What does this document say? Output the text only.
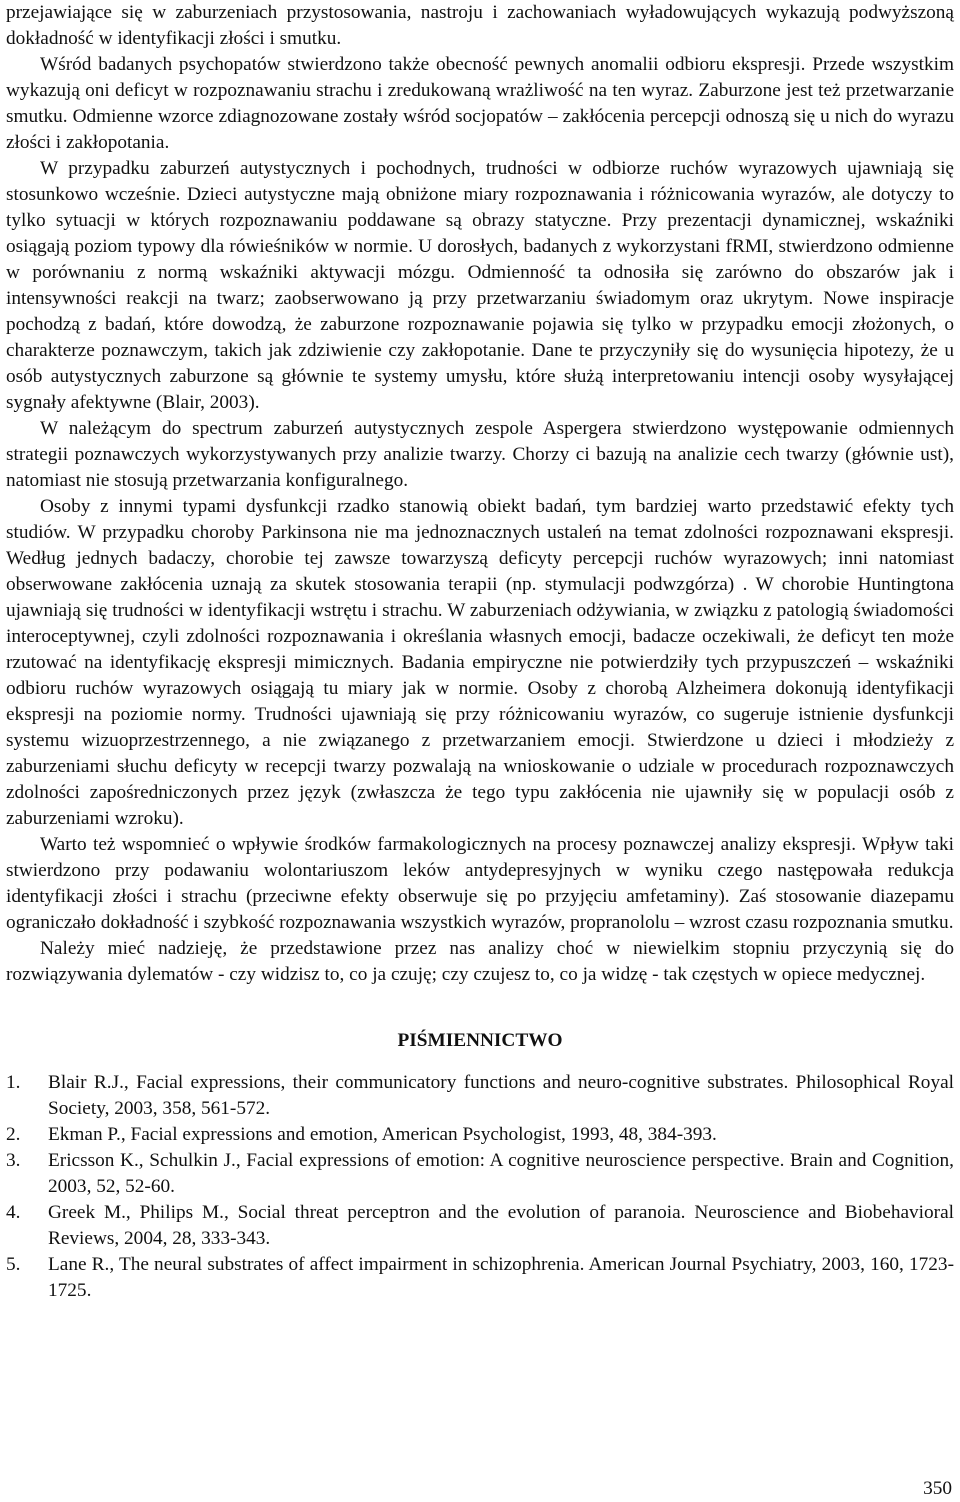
przejawiające się w zaburzeniach przystosowania, nastroju i zachowaniach wyładowujących wykazują podwyższoną dokładność w identyfikacji złości i smutku.

Wśród badanych psychopatów stwierdzono także obecność pewnych anomalii odbioru ekspresji. Przede wszystkim wykazują oni deficyt w rozpoznawaniu strachu i zredukowaną wrażliwość na ten wyraz. Zaburzone jest też przetwarzanie smutku. Odmienne wzorce zdiagnozowane zostały wśród socjopatów – zakłócenia percepcji odnoszą się u nich do wyrazu złości i zakłopotania.

W przypadku zaburzeń autystycznych i pochodnych, trudności w odbiorze ruchów wyrazowych ujawniają się stosunkowo wcześnie. Dzieci autystyczne mają obniżone miary rozpoznawania i różnicowania wyrazów, ale dotyczy to tylko sytuacji w których rozpoznawaniu poddawane są obrazy statyczne. Przy prezentacji dynamicznej, wskaźniki osiągają poziom typowy dla rówieśników w normie. U dorosłych, badanych z wykorzystani fRMI, stwierdzono odmienne w porównaniu z normą wskaźniki aktywacji mózgu. Odmienność ta odnosiła się zarówno do obszarów jak i intensywności reakcji na twarz; zaobserwowano ją przy przetwarzaniu świadomym oraz ukrytym. Nowe inspiracje pochodzą z badań, które dowodzą, że zaburzone rozpoznawanie pojawia się tylko w przypadku emocji złożonych, o charakterze poznawczym, takich jak zdziwienie czy zakłopotanie. Dane te przyczyniły się do wysunięcia hipotezy, że u osób autystycznych zaburzone są głównie te systemy umysłu, które służą interpretowaniu intencji osoby wysyłającej sygnały afektywne (Blair, 2003).

W należącym do spectrum zaburzeń autystycznych zespole Aspergera stwierdzono występowanie odmiennych strategii poznawczych wykorzystywanych przy analizie twarzy. Chorzy ci bazują na analizie cech twarzy (głównie ust), natomiast nie stosują przetwarzania konfiguralnego.

Osoby z innymi typami dysfunkcji rzadko stanowią obiekt badań, tym bardziej warto przedstawić efekty tych studiów. W przypadku choroby Parkinsona nie ma jednoznacznych ustaleń na temat zdolności rozpoznawani ekspresji. Według jednych badaczy, chorobie tej zawsze towarzyszą deficyty percepcji ruchów wyrazowych; inni natomiast obserwowane zakłócenia uznają za skutek stosowania terapii (np. stymulacji podwzgórza) . W chorobie Huntingtona ujawniają się trudności w identyfikacji wstrętu i strachu. W zaburzeniach odżywiania, w związku z patologią świadomości interoceptywnej, czyli zdolności rozpoznawania i określania własnych emocji, badacze oczekiwali, że deficyt ten może rzutować na identyfikację ekspresji mimicznych. Badania empiryczne nie potwierdziły tych przypuszczeń – wskaźniki odbioru ruchów wyrazowych osiągają tu miary jak w normie. Osoby z chorobą Alzheimera dokonują identyfikacji ekspresji na poziomie normy. Trudności ujawniają się przy różnicowaniu wyrazów, co sugeruje istnienie dysfunkcji systemu wizuoprzestrzennego, a nie związanego z przetwarzaniem emocji. Stwierdzone u dzieci i młodzieży z zaburzeniami słuchu deficyty w recepcji twarzy pozwalają na wnioskowanie o udziale w procedurach rozpoznawczych zdolności zapośredniczonych przez język (zwłaszcza że tego typu zakłócenia nie ujawniły się w populacji osób z zaburzeniami wzroku).

Warto też wspomnieć o wpływie środków farmakologicznych na procesy poznawczej analizy ekspresji. Wpływ taki stwierdzono przy podawaniu wolontariuszom leków antydepresyjnych w wyniku czego następowała redukcja identyfikacji złości i strachu (przeciwne efekty obserwuje się po przyjęciu amfetaminy). Zaś stosowanie diazepamu ograniczało dokładność i szybkość rozpoznawania wszystkich wyrazów, propranololu – wzrost czasu rozpoznania smutku.

Należy mieć nadzieję, że przedstawione przez nas analizy choć w niewielkim stopniu przyczynią się do rozwiązywania dylematów - czy widzisz to, co ja czuję; czy czujesz to, co ja widzę - tak częstych w opiece medycznej.

PIŚMIENNICTWO
1. Blair R.J., Facial expressions, their communicatory functions and neuro-cognitive substrates. Philosophical Royal Society, 2003, 358, 561-572.
2. Ekman P., Facial expressions and emotion, American Psychologist, 1993, 48, 384-393.
3. Ericsson K., Schulkin J., Facial expressions of emotion: A cognitive neuroscience perspective. Brain and Cognition, 2003, 52, 52-60.
4. Greek M., Philips M., Social threat perceptron and the evolution of paranoia. Neuroscience and Biobehavioral Reviews, 2004, 28, 333-343.
5. Lane R., The neural substrates of affect impairment in schizophrenia. American Journal Psychiatry, 2003, 160, 1723-1725.
350
